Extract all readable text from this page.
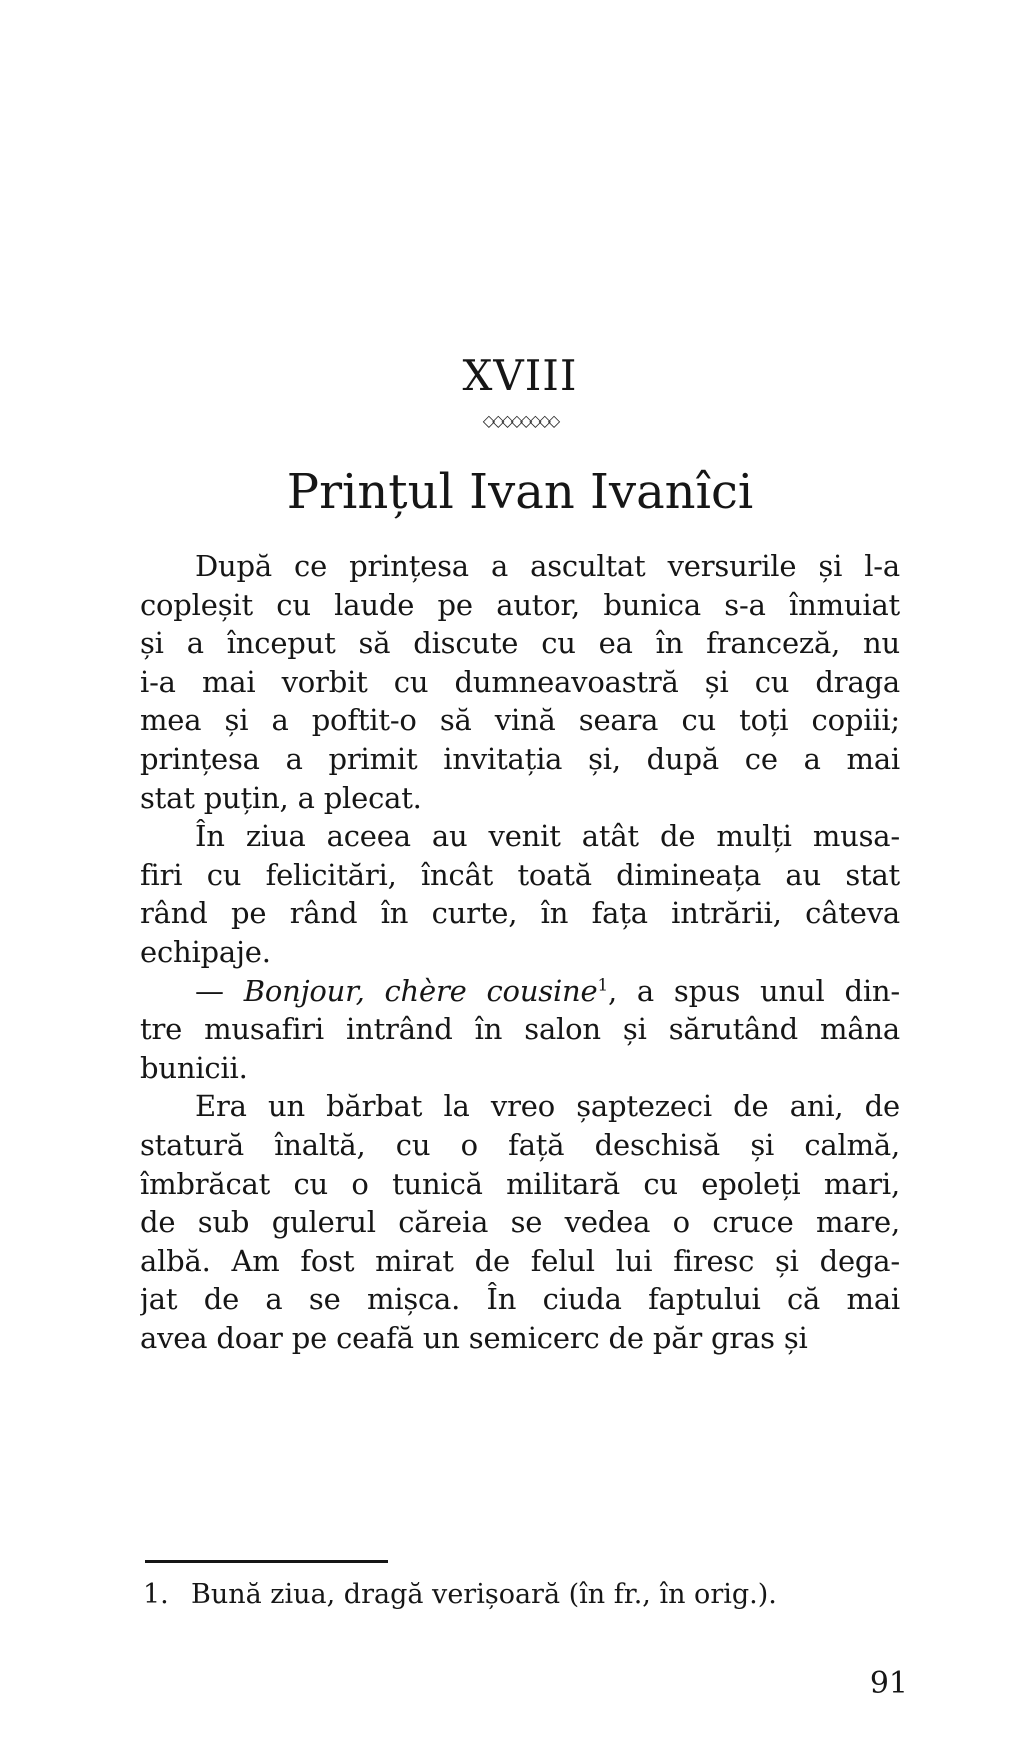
XVIII
◇◇◇◇◇◇◇◇
Prințul Ivan Ivanîci
După ce prințesa a ascultat versurile și l-a
copleșit cu laude pe autor, bunica s-a înmuiat
și a început să discute cu ea în franceză, nu
i-a mai vorbit cu dumneavoastră și cu draga
mea și a poftit-o să vină seara cu toți copiii;
prințesa a primit invitația și, după ce a mai
stat puțin, a plecat.
În ziua aceea au venit atât de mulți musa-
firi cu felicitări, încât toată dimineața au stat
rând pe rând în curte, în fața intrării, câteva
echipaje.
— Bonjour, chère cousine$^1$, a spus unul din-
tre musafiri intrând în salon și sărutând mâna
bunicii.
Era un bărbat la vreo șaptezeci de ani, de
statură înaltă, cu o față deschisă și calmă,
îmbrăcat cu o tunică militară cu epoleți mari,
de sub gulerul căreia se vedea o cruce mare,
albă. Am fost mirat de felul lui firesc și dega-
jat de a se mișca. În ciuda faptului că mai
avea doar pe ceafă un semicerc de păr gras și
1. Bună ziua, dragă verișoară (în fr., în orig.).
91
